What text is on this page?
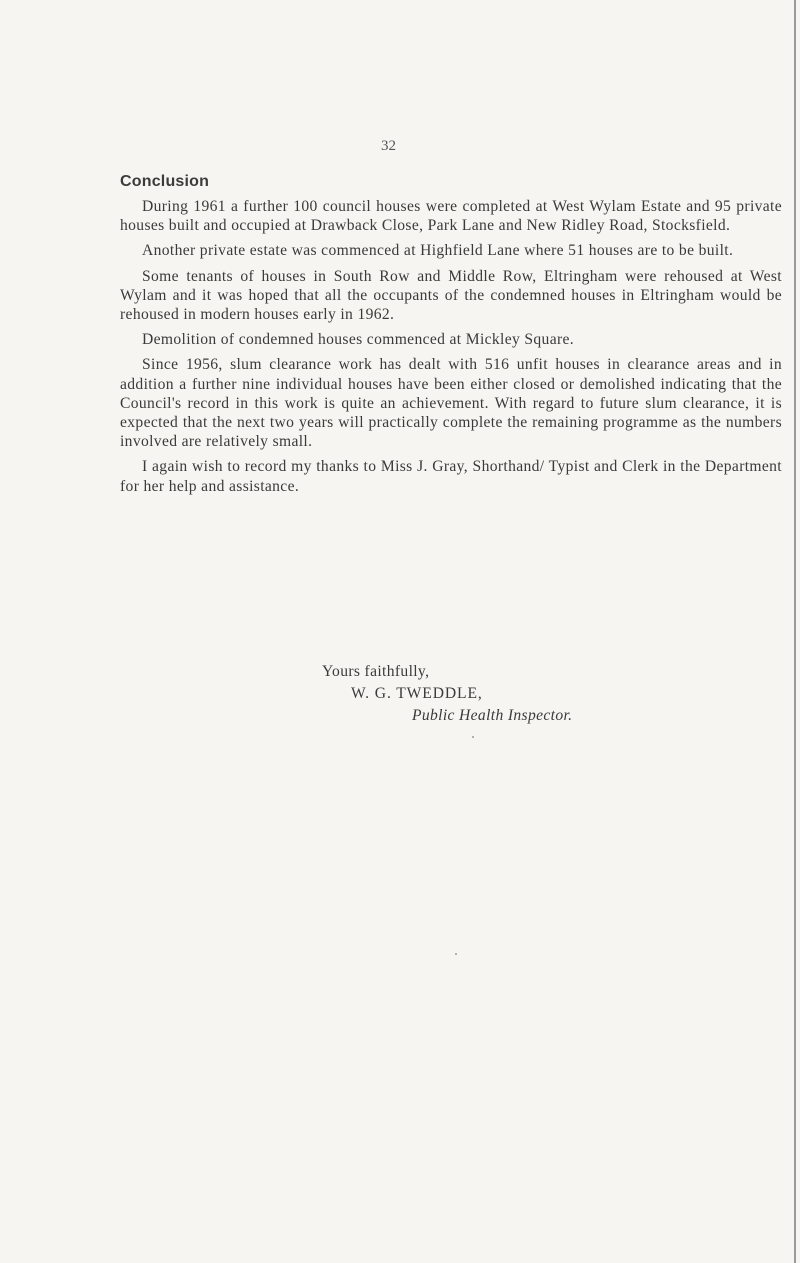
32
Conclusion

During 1961 a further 100 council houses were completed at West Wylam Estate and 95 private houses built and occupied at Drawback Close, Park Lane and New Ridley Road, Stocksfield.

Another private estate was commenced at Highfield Lane where 51 houses are to be built.

Some tenants of houses in South Row and Middle Row, Eltringham were rehoused at West Wylam and it was hoped that all the occupants of the condemned houses in Eltringham would be rehoused in modern houses early in 1962.

Demolition of condemned houses commenced at Mickley Square.

Since 1956, slum clearance work has dealt with 516 unfit houses in clearance areas and in addition a further nine individual houses have been either closed or demolished indicating that the Council's record in this work is quite an achievement. With regard to future slum clearance, it is expected that the next two years will practically complete the remaining programme as the numbers involved are relatively small.

I again wish to record my thanks to Miss J. Gray, Shorthand/ Typist and Clerk in the Department for her help and assistance.

Yours faithfully,
W. G. TWEDDLE,
Public Health Inspector.
